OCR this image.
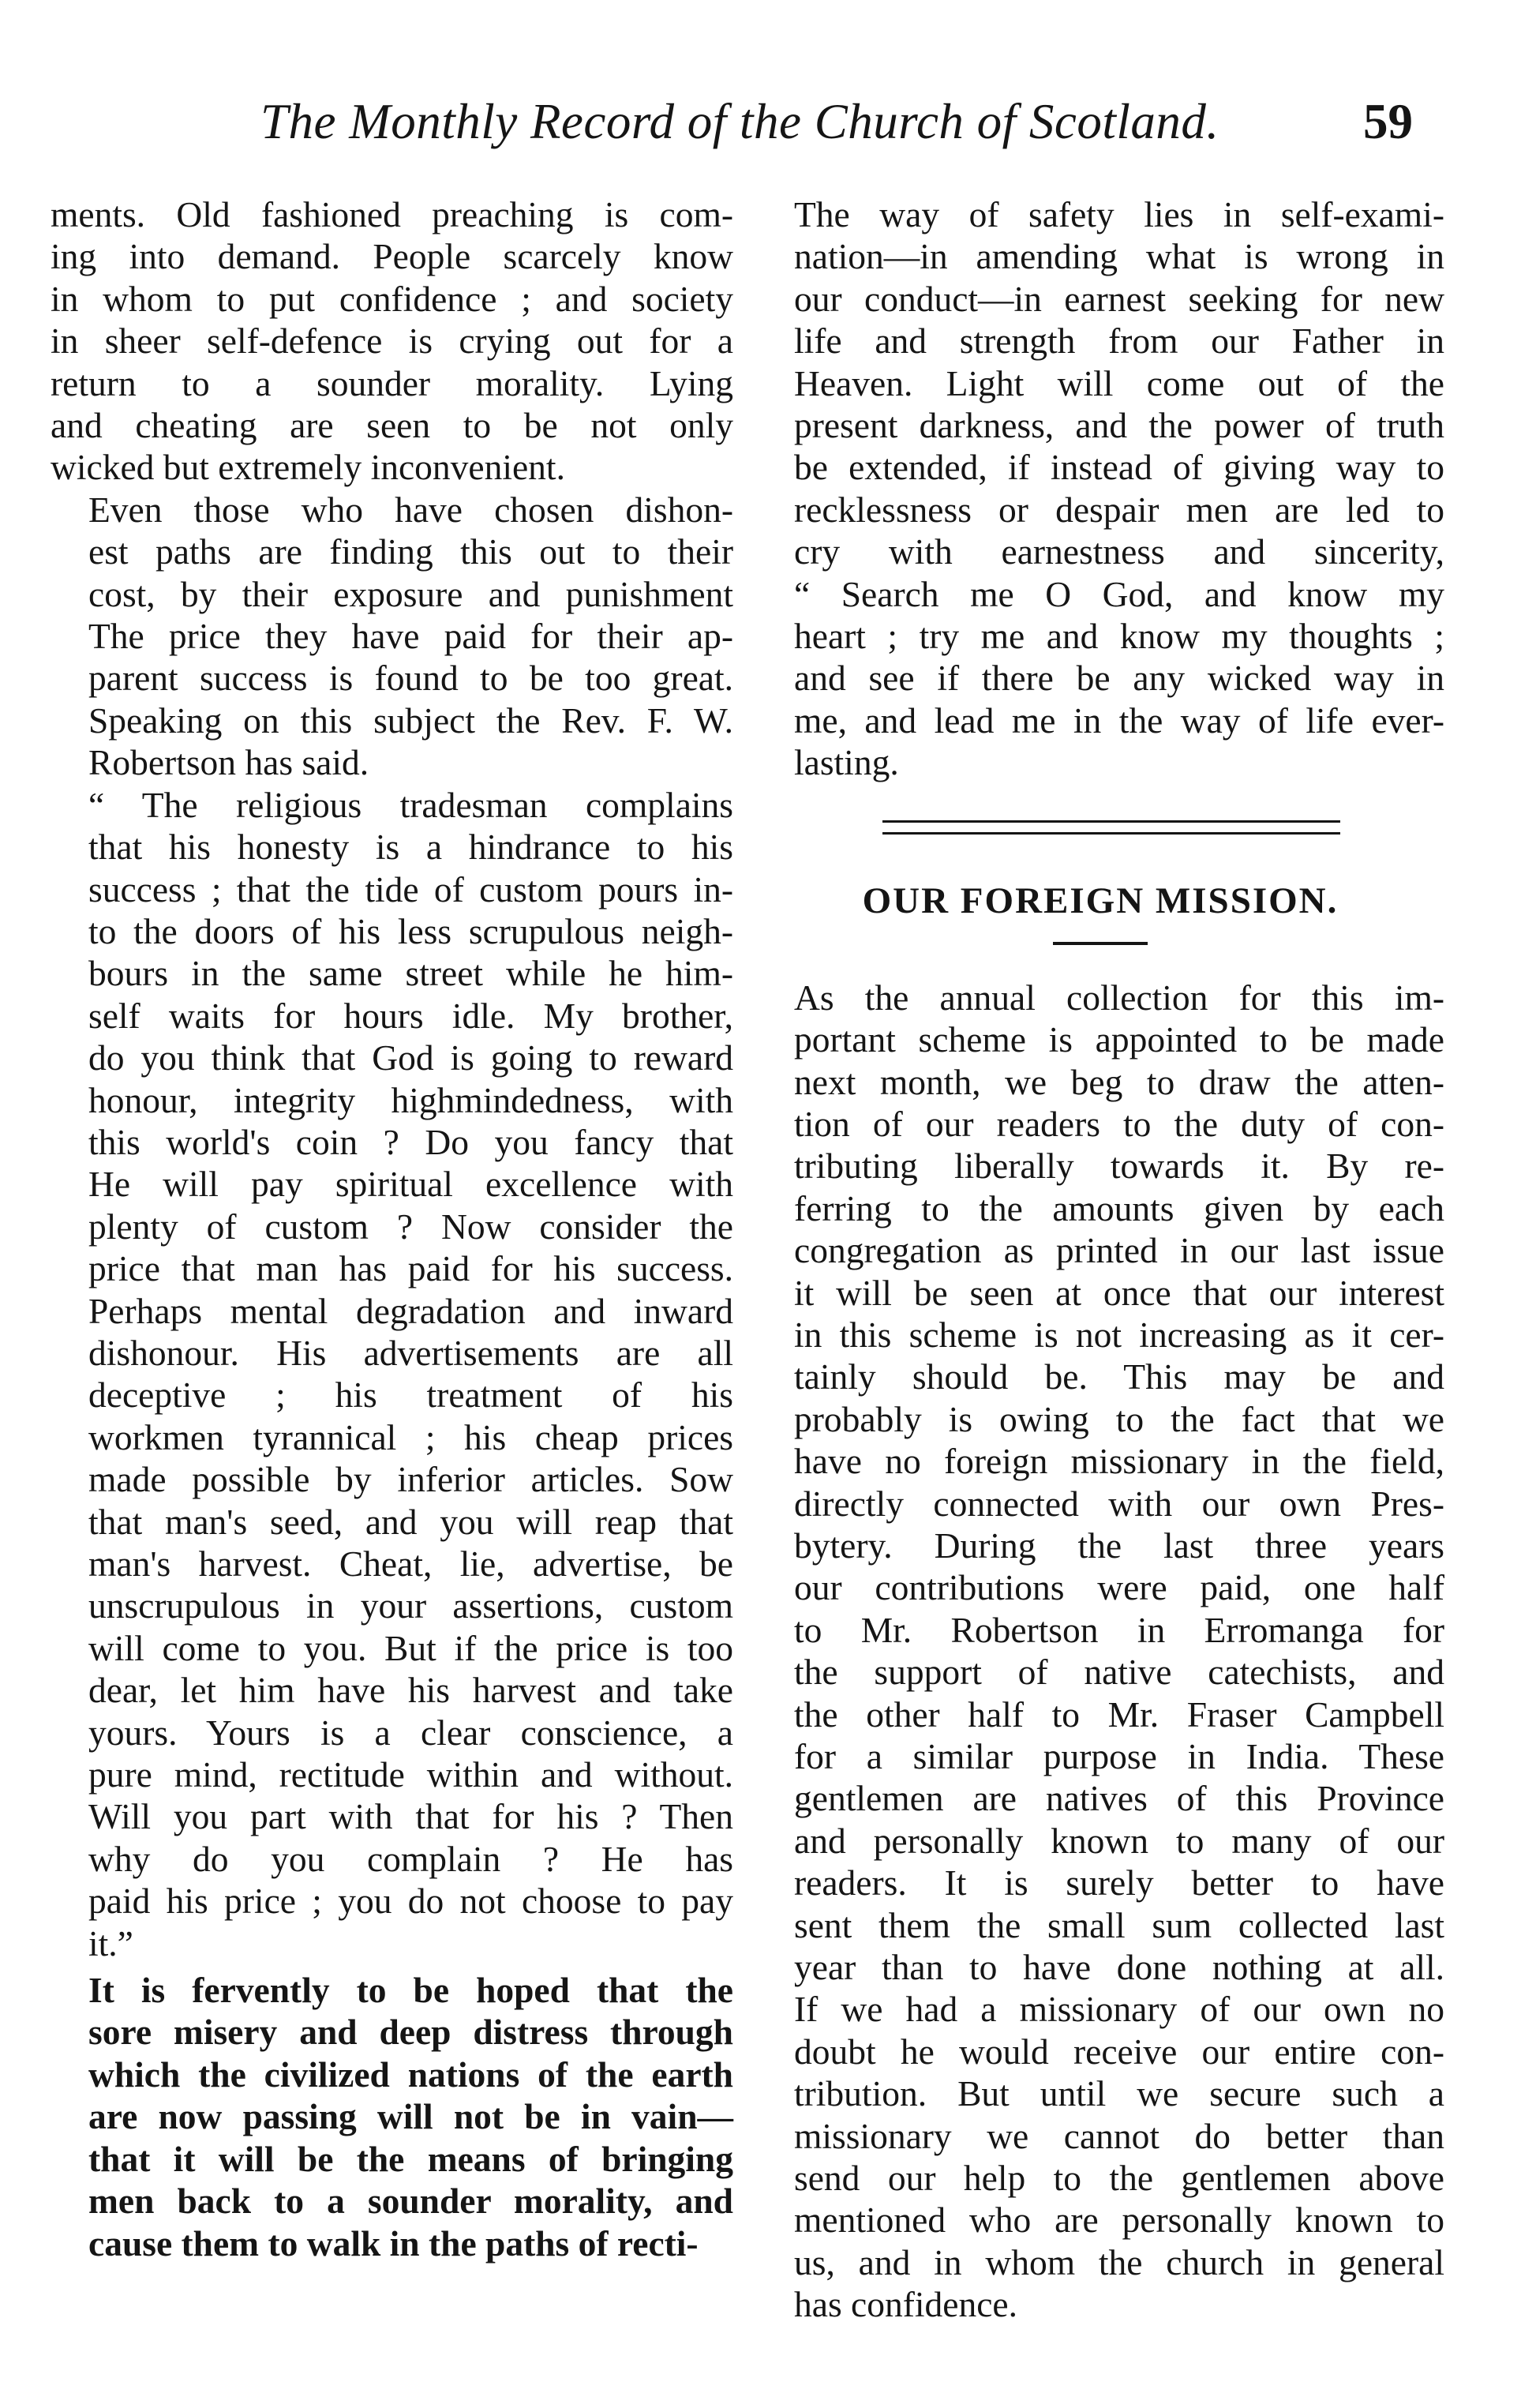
The Monthly Record of the Church of Scotland.	59

ments. Old fashioned preaching is com-
ing into demand. People scarcely know
in whom to put confidence ; and society
in sheer self-defence is crying out for a
return to a sounder morality. Lying
and cheating are seen to be not only
wicked but extremely inconvenient.

Even those who have chosen dishon-
est paths are finding this out to their
cost, by their exposure and punishment
The price they have paid for their ap-
parent success is found to be too great.
Speaking on this subject the Rev. F. W.
Robertson has said.

“ The religious tradesman complains
that his honesty is a hindrance to his
success ; that the tide of custom pours in-
to the doors of his less scrupulous neigh-
bours in the same street while he him-
self waits for hours idle. My brother,
do you think that God is going to reward
honour, integrity highmindedness, with
this world's coin ? Do you fancy that
He will pay spiritual excellence with
plenty of custom ? Now consider the
price that man has paid for his success.
Perhaps mental degradation and inward
dishonour. His advertisements are all
deceptive ; his treatment of his
workmen tyrannical ; his cheap prices
made possible by inferior articles. Sow
that man's seed, and you will reap that
man's harvest. Cheat, lie, advertise, be
unscrupulous in your assertions, custom
will come to you. But if the price is too
dear, let him have his harvest and take
yours. Yours is a clear conscience, a
pure mind, rectitude within and without.
Will you part with that for his ? Then
why do you complain ? He has
paid his price ; you do not choose to pay
it.”

It is fervently to be hoped that the
sore misery and deep distress through
which the civilized nations of the earth
are now passing will not be in vain—
that it will be the means of bringing
men back to a sounder morality, and
cause them to walk in the paths of recti-

The way of safety lies in self-exami-
nation—in amending what is wrong in
our conduct—in earnest seeking for new
life and strength from our Father in
Heaven. Light will come out of the
present darkness, and the power of truth
be extended, if instead of giving way to
recklessness or despair men are led to
cry with earnestness and sincerity,
“ Search me O God, and know my
heart ; try me and know my thoughts ;
and see if there be any wicked way in
me, and lead me in the way of life ever-
lasting.

OUR FOREIGN MISSION.

As the annual collection for this im-
portant scheme is appointed to be made
next month, we beg to draw the atten-
tion of our readers to the duty of con-
tributing liberally towards it. By re-
ferring to the amounts given by each
congregation as printed in our last issue
it will be seen at once that our interest
in this scheme is not increasing as it cer-
tainly should be. This may be and
probably is owing to the fact that we
have no foreign missionary in the field,
directly connected with our own Pres-
bytery. During the last three years
our contributions were paid, one half
to Mr. Robertson in Erromanga for
the support of native catechists, and
the other half to Mr. Fraser Campbell
for a similar purpose in India. These
gentlemen are natives of this Province
and personally known to many of our
readers. It is surely better to have
sent them the small sum collected last
year than to have done nothing at all.
If we had a missionary of our own no
doubt he would receive our entire con-
tribution. But until we secure such a
missionary we cannot do better than
send our help to the gentlemen above
mentioned who are personally known to
us, and in whom the church in general
has confidence.
